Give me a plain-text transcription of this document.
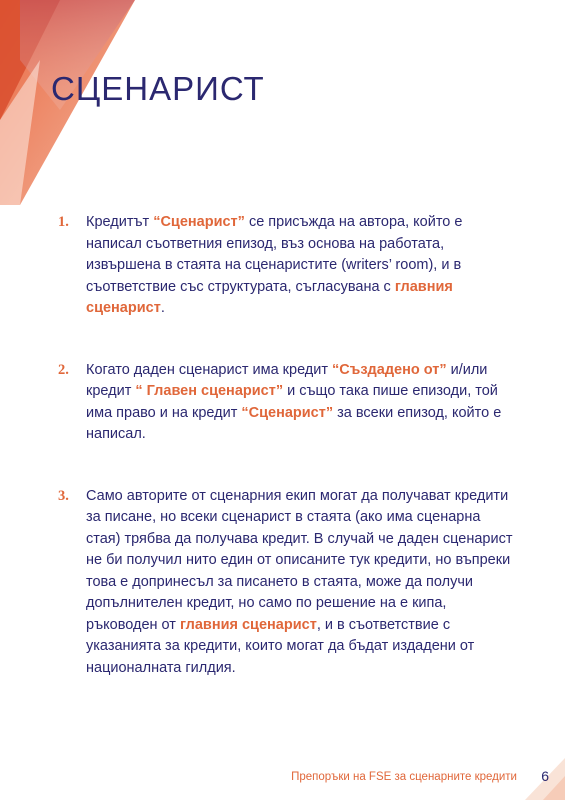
СЦЕНАРИСТ
1. Кредитът “Сценарист” се присъжда на автора, който е написал съответния епизод, въз основа на работата, извършена в стаята на сценаристите (writers’ room), и в съответствие със структурата, съгласувана с главния сценарист.
2. Когато даден сценарист има кредит “Създадено от” и/или кредит “ Главен сценарист” и също така пише епизоди, той има право и на кредит “Сценарист” за всеки епизод, който е написал.
3. Само авторите от сценарния екип могат да получават кредити за писане, но всеки сценарист в стаята (ако има сценарна стая) трябва да получава кредит. В случай че даден сценарист не би получил нито един от описаните тук кредити, но въпреки това е допринесъл за писането в стаята, може да получи допълнителен кредит, но само по решение на е кипа, ръководен от главния сценарист, и в съответствие с указанията за кредити, които могат да бъдат издадени от националната гилдия.
Препоръки на FSE за сценарните кредити 6
